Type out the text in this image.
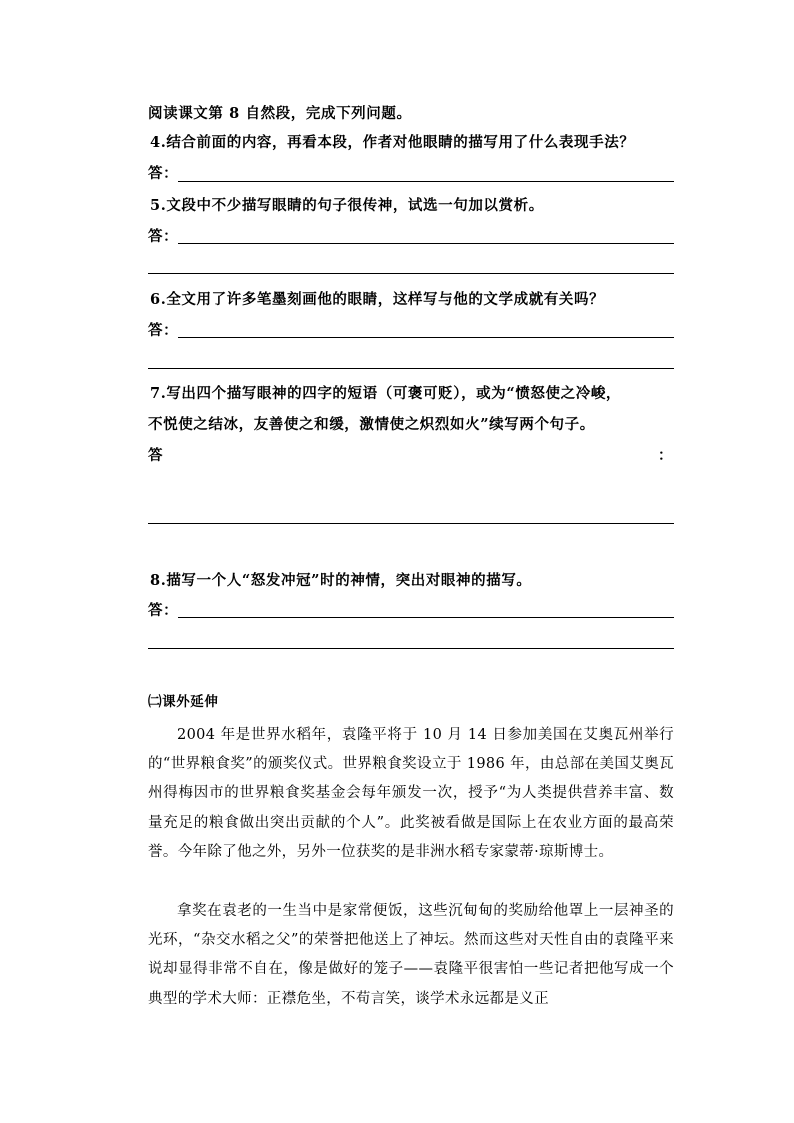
阅读课文第 8 自然段，完成下列问题。
4.结合前面的内容，再看本段，作者对他眼睛的描写用了什么表现手法？
答：
5.文段中不少描写眼睛的句子很传神，试选一句加以赏析。
答：
6.全文用了许多笔墨刻画他的眼睛，这样写与他的文学成就有关吗？
答：
7.写出四个描写眼神的四字的短语（可褒可贬），或为“愤怒使之冷峻，
不悦使之结冰，友善使之和缓，激情使之炽烈如火”续写两个句子。
答	：
8.描写一个人“怒发冲冠”时的神情，突出对眼神的描写。
答：
㈡课外延伸
2004 年是世界水稻年，袁隆平将于 10 月 14 日参加美国在艾奥瓦州举行的“世界粮食奖”的颁奖仪式。世界粮食奖设立于 1986 年，由总部在美国艾奥瓦州得梅因市的世界粮食奖基金会每年颁发一次，授予“为人类提供营养丰富、数量充足的粮食做出突出贡献的个人”。此奖被看做是国际上在农业方面的最高荣誉。今年除了他之外，另外一位获奖的是非洲水稻专家蒙蒂·琼斯博士。
拿奖在袁老的一生当中是家常便饭，这些沉甸甸的奖励给他罩上一层神圣的光环，“杂交水稻之父”的荣誉把他送上了神坛。然而这些对天性自由的袁隆平来说却显得非常不自在，像是做好的笼子——袁隆平很害怕一些记者把他写成一个典型的学术大师：正襟危坐，不苟言笑，谈学术永远都是义正
